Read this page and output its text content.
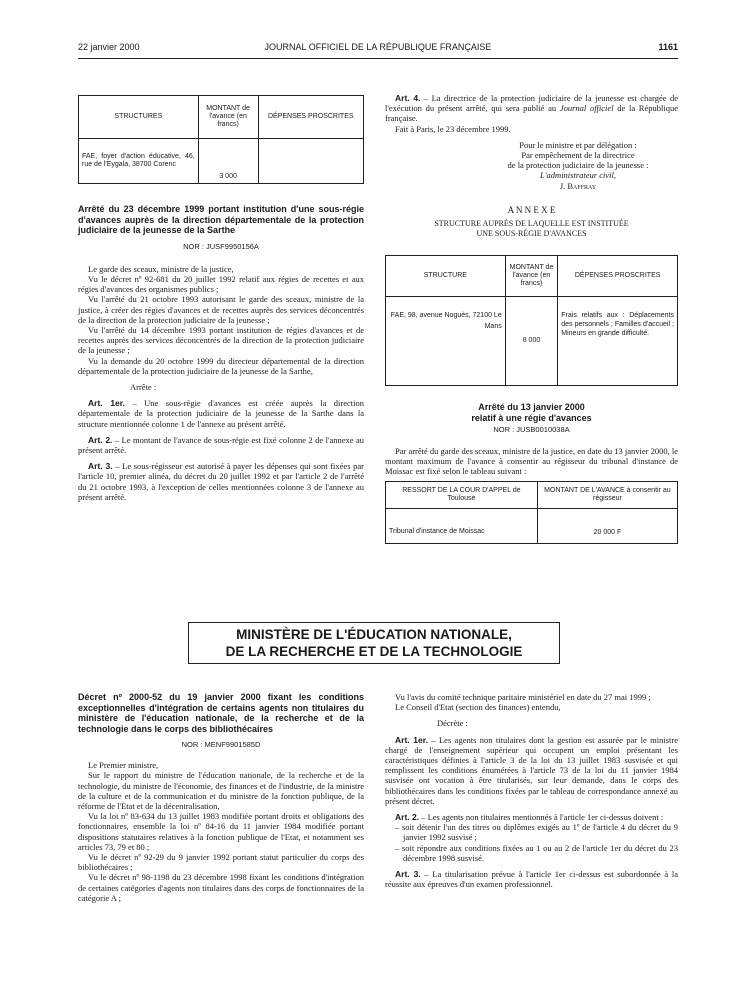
22 janvier 2000	JOURNAL OFFICIEL DE LA RÉPUBLIQUE FRANÇAISE	1161
STRUCTURES	MONTANT de l'avance (en francs)	DÉPENSES PROSCRITES
FAE, foyer d'action éducative, 46, rue de l'Eygala, 38700 Corenc	3 000	
Arrêté du 23 décembre 1999 portant institution d'une sous-régie d'avances auprès de la direction départementale de la protection judiciaire de la jeunesse de la Sarthe
NOR : JUSF9950156A

Le garde des sceaux, ministre de la justice,

Vu le décret nº 92-681 du 20 juillet 1992 relatif aux régies de recettes et aux régies d'avances des organismes publics ;

Vu l'arrêté du 21 octobre 1993 autorisant le garde des sceaux, ministre de la justice, à créer des régies d'avances et de recettes auprès des services déconcentrés de la direction de la protection judiciaire de la jeunesse ;

Vu l'arrêté du 14 décembre 1993 portant institution de régies d'avances et de recettes auprès des services déconcentrés de la direction de la protection judiciaire de la jeunesse ;

Vu la demande du 20 octobre 1999 du directeur départemental de la direction départementale de la protection judiciaire de la jeunesse de la Sarthe,

Arrête :

Art. 1er. – Une sous-régie d'avances est créée auprès la direction départementale de la protection judiciaire de la jeunesse de la Sarthe dans la structure mentionnée colonne 1 de l'annexe au présent arrêté.

Art. 2. – Le montant de l'avance de sous-régie est fixé colonne 2 de l'annexe au présent arrêté.

Art. 3. – Le sous-régisseur est autorisé à payer les dépenses qui sont fixées par l'article 10, premier alinéa, du décret du 20 juillet 1992 et par l'article 2 de l'arrêté du 21 octobre 1993, à l'exception de celles mentionnées colonne 3 de l'annexe au présent arrêté.

Art. 4. – La directrice de la protection judiciaire de la jeunesse est chargée de l'exécution du présent arrêté, qui sera publié au Journal officiel de la République française.

Fait à Paris, le 23 décembre 1999.

Pour le ministre et par délégation :
Par empêchement de la directrice
de la protection judiciaire de la jeunesse :
L'administrateur civil,
J. Baffray
A N N E X E
STRUCTURE AUPRÈS DE LAQUELLE EST INSTITUÉE
UNE SOUS-RÉGIE D'AVANCES
STRUCTURE	MONTANT de l'avance (en francs)	DÉPENSES PROSCRITES
FAE, 98, avenue Noguès, 72100 Le Mans	8 000	Frais relatifs aux : Déplacements des personnels ; Familles d'accueil ; Mineurs en grande difficulté.
Arrêté du 13 janvier 2000
relatif à une régie d'avances
NOR : JUSB0010038A

Par arrêté du garde des sceaux, ministre de la justice, en date du 13 janvier 2000, le montant maximum de l'avance à consentir au régisseur du tribunal d'instance de Moissac est fixé selon le tableau suivant :

RESSORT DE LA COUR D'APPEL de Toulouse	MONTANT DE L'AVANCE à consentir au régisseur
Tribunal d'instance de Moissac	20 000 F
MINISTÈRE DE L'ÉDUCATION NATIONALE,
DE LA RECHERCHE ET DE LA TECHNOLOGIE
Décret nº 2000-52 du 19 janvier 2000 fixant les conditions exceptionnelles d'intégration de certains agents non titulaires du ministère de l'éducation nationale, de la recherche et de la technologie dans le corps des bibliothécaires
NOR : MENF9901585D

Le Premier ministre,

Sur le rapport du ministre de l'éducation nationale, de la recherche et de la technologie, du ministre de l'économie, des finances et de l'industrie, de la ministre de la culture et de la communication et du ministre de la fonction publique, de la réforme de l'Etat et de la décentralisation,

Vu la loi nº 83-634 du 13 juillet 1983 modifiée portant droits et obligations des fonctionnaires, ensemble la loi nº 84-16 du 11 janvier 1984 modifiée portant dispositions statutaires relatives à la fonction publique de l'Etat, et notamment ses articles 73, 79 et 80 ;

Vu le décret nº 92-29 du 9 janvier 1992 portant statut particulier du corps des bibliothécaires ;

Vu le décret nº 98-1198 du 23 décembre 1998 fixant les conditions d'intégration de certaines catégories d'agents non titulaires dans des corps de fonctionnaires de la catégorie A ;

Vu l'avis du comité technique paritaire ministériel en date du 27 mai 1999 ;

Le Conseil d'Etat (section des finances) entendu,

Décrète :

Art. 1er. – Les agents non titulaires dont la gestion est assurée par le ministre chargé de l'enseignement supérieur qui occupent un emploi présentant les caractéristiques définies à l'article 3 de la loi du 13 juillet 1983 susvisée et qui remplissent les conditions énumérées à l'article 73 de la loi du 11 janvier 1984 susvisée ont vocation à être titularisés, sur leur demande, dans le corps des bibliothécaires dans les conditions fixées par le tableau de correspondance annexé au présent décret.

Art. 2. – Les agents non titulaires mentionnés à l'article 1er ci-dessus doivent :

– soit détenir l'un des titres ou diplômes exigés au 1º de l'article 4 du décret du 9 janvier 1992 susvisé ;
– soit répondre aux conditions fixées au 1 ou au 2 de l'article 1er du décret du 23 décembre 1998 susvisé.

Art. 3. – La titularisation prévue à l'article 1er ci-dessus est subordonnée à la réussite aux épreuves d'un examen professionnel.
